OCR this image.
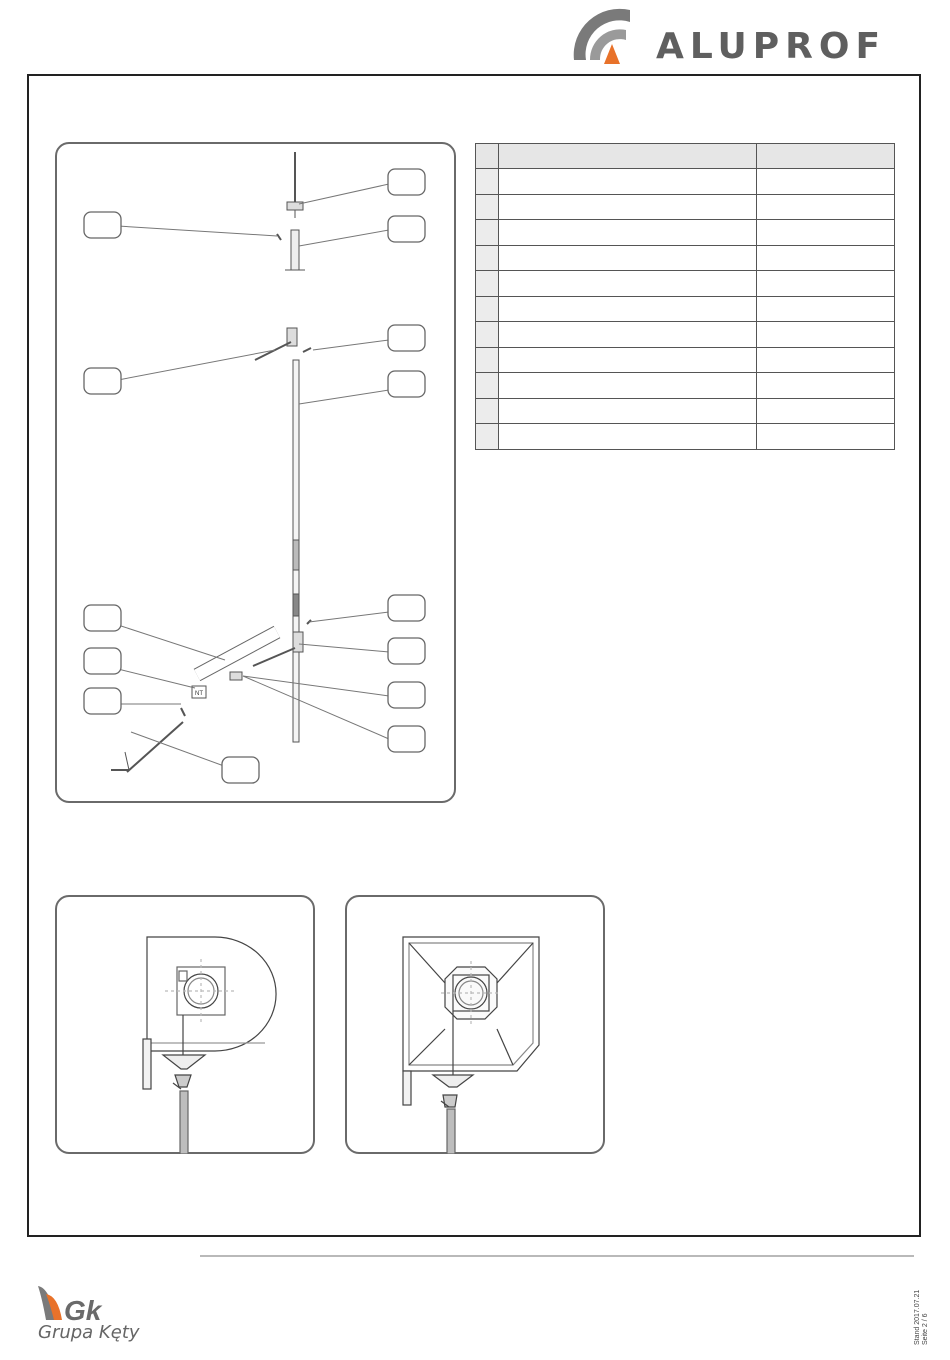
ALUPROF
NT

Gk
Grupa Kęty	Stand 2017.07.21 Seite 2 / 6
